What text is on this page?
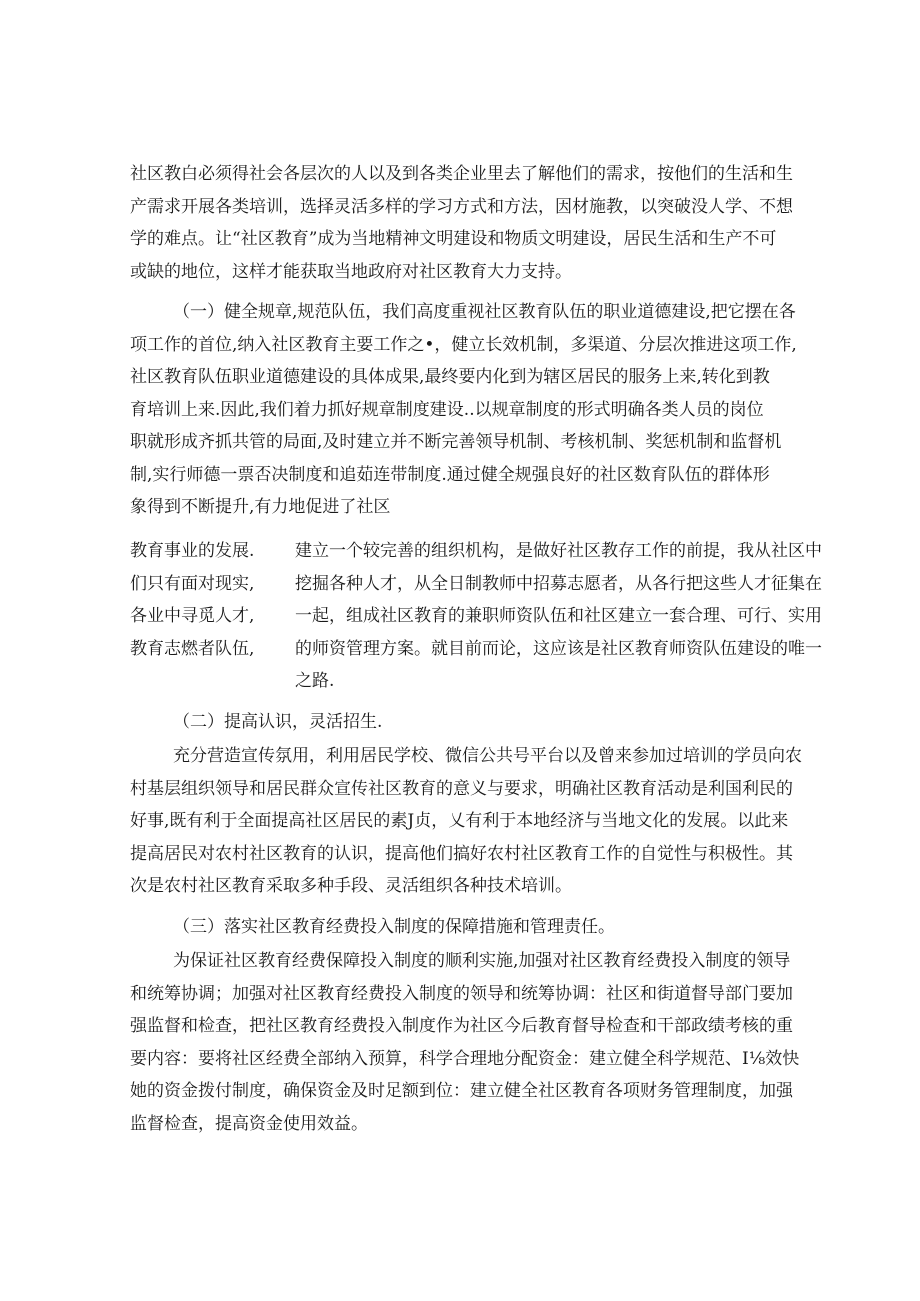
社区教白必须得社会各层次的人以及到各类企业里去了解他们的需求，按他们的生活和生
产需求开展各类培训，选择灵活多样的学习方式和方法，因材施教，以突破没人学、不想
学的难点。让“社区教育”成为当地精神文明建设和物质文明建设，居民生活和生产不可
或缺的地位，这样才能获取当地政府对社区教育大力支持。
（一）健全规章,规范队伍，我们高度重视社区教育队伍的职业道德建设,把它摆在各
项工作的首位,纳入社区教育主要工作之•，健立长效机制，多渠道、分层次推进这项工作,
社区教育队伍职业道德建设的具体成果,最终要内化到为辖区居民的服务上来,转化到教
育培训上来.因此,我们着力抓好规章制度建设..以规章制度的形式明确各类人员的岗位
职就形成齐抓共管的局面,及时建立并不断完善领导机制、考核机制、奖惩机制和监督机
制,实行师德一票否决制度和追茹连带制度.通过健全规强良好的社区数育队伍的群体形
象得到不断提升,有力地促进了社区
教育事业的发展.
们只有面对现实,
各业中寻觅人才,
教育志燃者队伍,
建立一个较完善的组织机构，是做好社区教存工作的前提，我从社区中
挖掘各种人才，从全日制教师中招募志愿者，从各行把这些人才征集在
一起，组成社区教育的兼职师资队伍和社区建立一套合理、可行、实用
的师资管理方案。就目前而论，这应该是社区教育师资队伍建设的唯一
之路.
（二）提高认识，灵活招生.
充分营造宣传氛用，利用居民学校、微信公共号平台以及曾来参加过培训的学员向农
村基层组织领导和居民群众宣传社区教育的意义与要求，明确社区教育活动是利国利民的
好事,既有利于全面提高社区居民的素J贞，乂有利于本地经济与当地文化的发展。以此来
提高居民对农村社区教育的认识，提高他们搞好农村社区教育工作的自觉性与积极性。其
次是农村社区教育采取多种手段、灵活组织各种技术培训。
（三）落实社区教育经费投入制度的保障措施和管理责任。
为保证社区教育经费保障投入制度的顺利实施,加强对社区教育经费投入制度的领导
和统筹协调；加强对社区教育经费投入制度的领导和统筹协调：社区和街道督导部门要加
强监督和检查，把社区教育经费投入制度作为社区今后教育督导检查和干部政绩考核的重
要内容：要将社区经费全部纳入预算，科学合理地分配资金：建立健全科学规范、I⅛效快
她的资金拨付制度，确保资金及时足额到位：建立健全社区教育各项财务管理制度，加强
监督检查，提高资金使用效益。
